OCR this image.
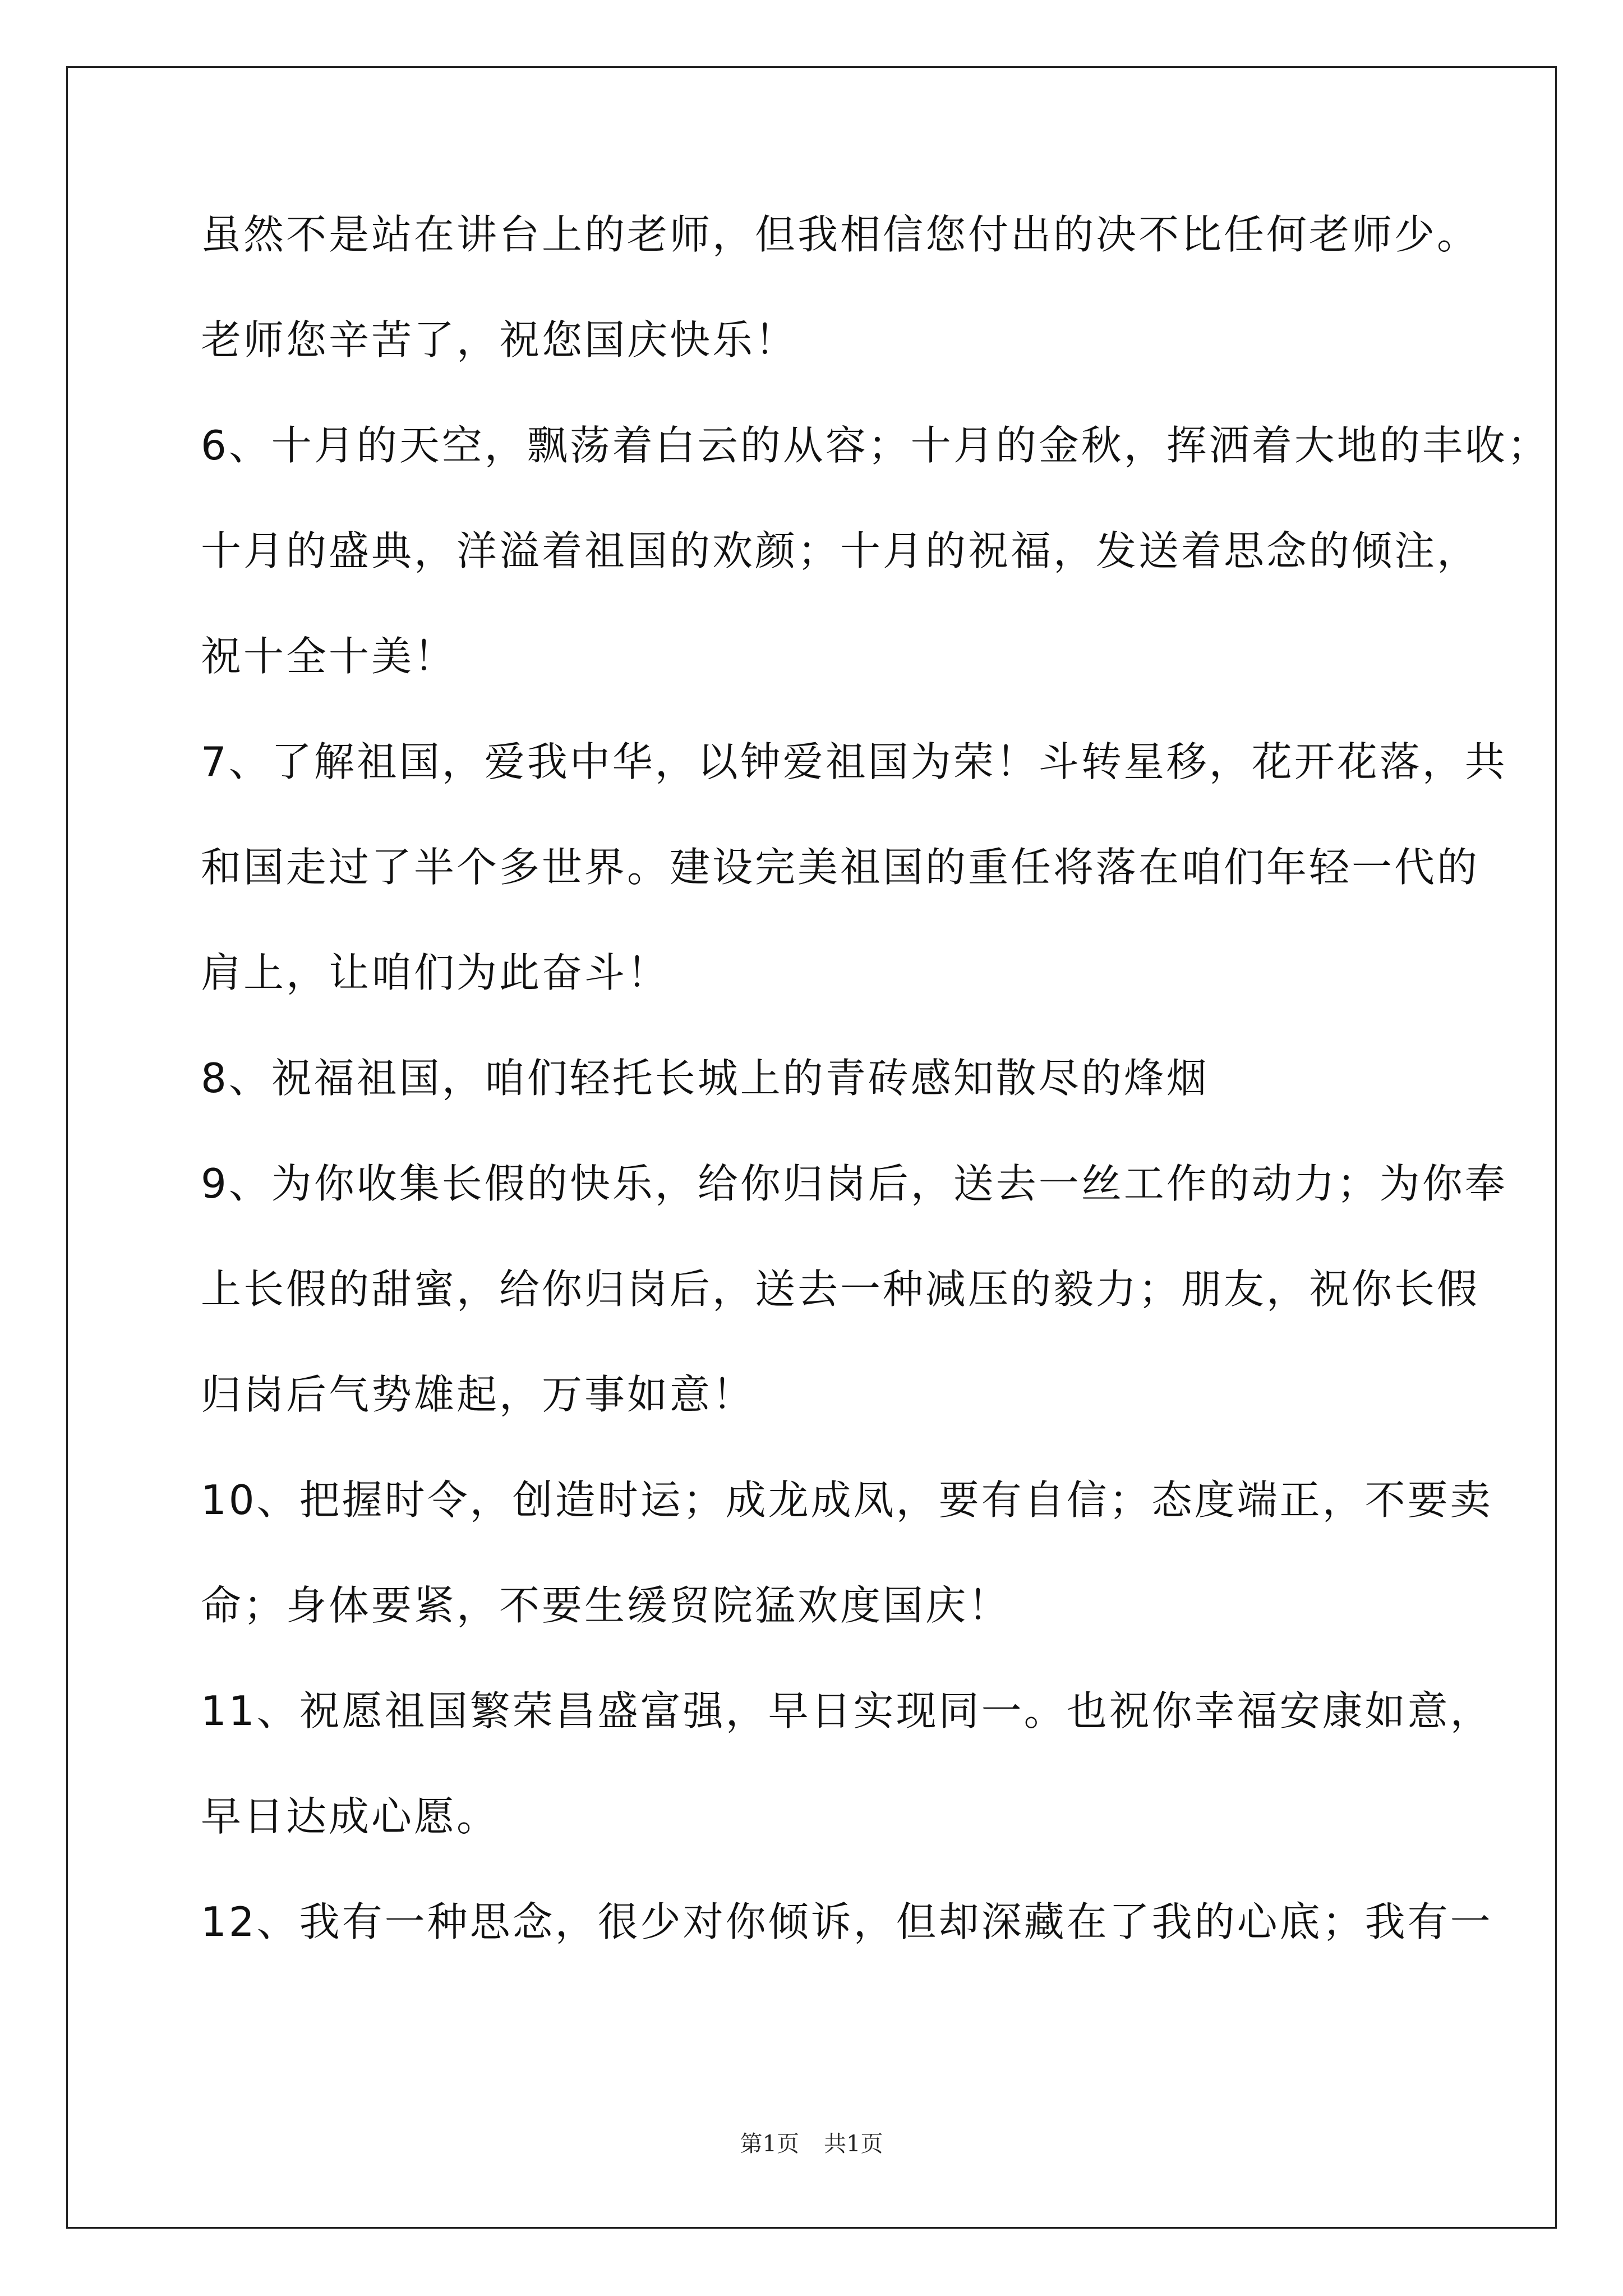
虽然不是站在讲台上的老师，但我相信您付出的决不比任何老师少。
老师您辛苦了，祝您国庆快乐！
6、十月的天空，飘荡着白云的从容；十月的金秋，挥洒着大地的丰收；
十月的盛典，洋溢着祖国的欢颜；十月的祝福，发送着思念的倾注，
祝十全十美！
7、了解祖国，爱我中华，以钟爱祖国为荣！斗转星移，花开花落，共
和国走过了半个多世界。建设完美祖国的重任将落在咱们年轻一代的
肩上，让咱们为此奋斗！
8、祝福祖国，咱们轻托长城上的青砖感知散尽的烽烟
9、为你收集长假的快乐，给你归岗后，送去一丝工作的动力；为你奉
上长假的甜蜜，给你归岗后，送去一种减压的毅力；朋友，祝你长假
归岗后气势雄起，万事如意！
10、把握时令，创造时运；成龙成凤，要有自信；态度端正，不要卖
命；身体要紧，不要生缓贸院猛欢度国庆！
11、祝愿祖国繁荣昌盛富强，早日实现同一。也祝你幸福安康如意，
早日达成心愿。
12、我有一种思念，很少对你倾诉，但却深藏在了我的心底；我有一
第1页 共1页
